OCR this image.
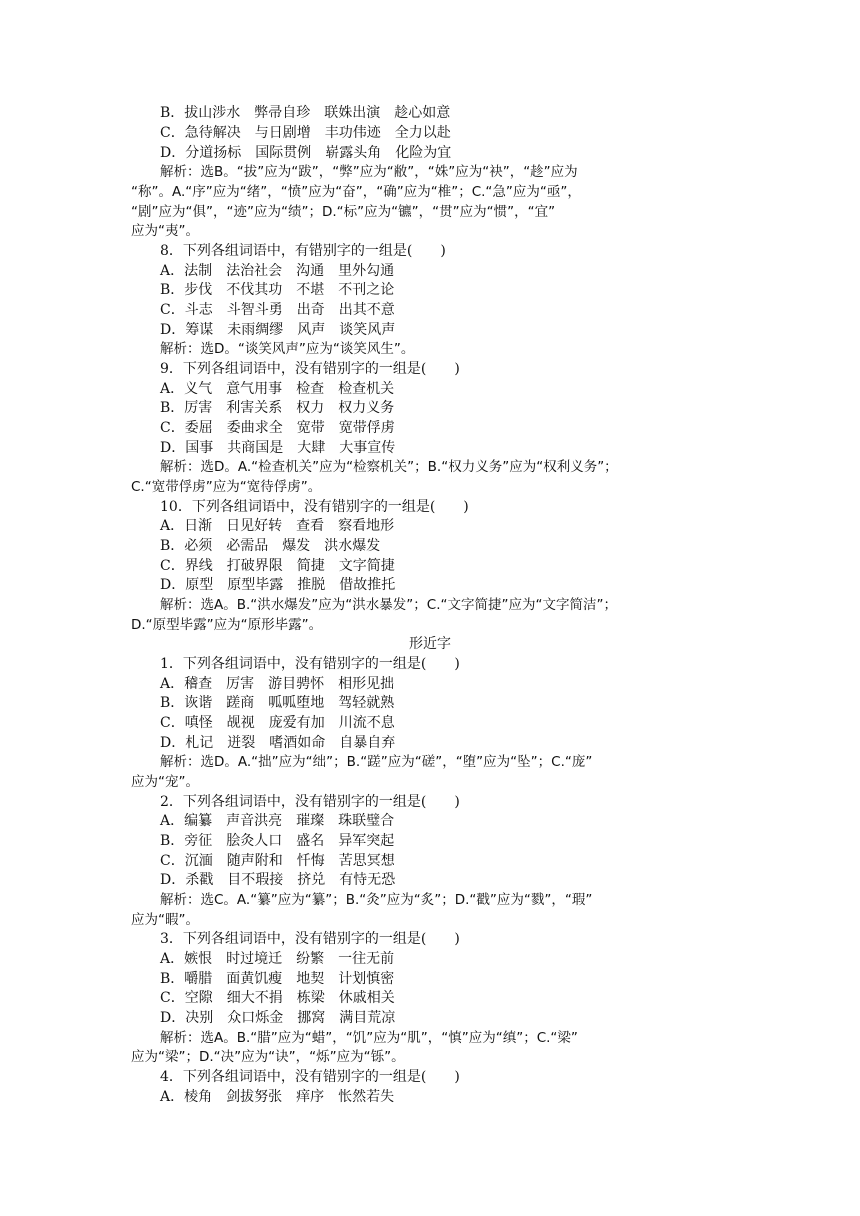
B．拔山涉水　弊帚自珍　联姝出演　趁心如意
C．急待解决　与日剧增　丰功伟迹　全力以赴
D．分道扬标　国际贯例　崭露头角　化险为宜
解析：选B。“拔”应为“跋”，“弊”应为“敝”，“姝”应为“袂”，“趁”应为
“称”。A.“序”应为“绪”，“愤”应为“奋”，“确”应为“椎”；C.“急”应为“亟”，
“剧”应为“俱”，“迹”应为“绩”；D.“标”应为“镳”，“贯”应为“惯”，“宜”
应为“夷”。
8．下列各组词语中，有错别字的一组是(　　)
A．法制　法治社会　沟通　里外勾通
B．步伐　不伐其功　不堪　不刊之论
C．斗志　斗智斗勇　出奇　出其不意
D．筹谋　未雨绸缪　风声　谈笑风声
解析：选D。“谈笑风声”应为“谈笑风生”。
9．下列各组词语中，没有错别字的一组是(　　)
A．义气　意气用事　检查　检查机关
B．厉害　利害关系　权力　权力义务
C．委屈　委曲求全　宽带　宽带俘虏
D．国事　共商国是　大肆　大事宣传
解析：选D。A.“检查机关”应为“检察机关”；B.“权力义务”应为“权利义务”；
C.“宽带俘虏”应为“宽待俘虏”。
10．下列各组词语中，没有错别字的一组是(　　)
A．日渐　日见好转　查看　察看地形
B．必须　必需品　爆发　洪水爆发
C．界线　打破界限　简捷　文字简捷
D．原型　原型毕露　推脱　借故推托
解析：选A。B.“洪水爆发”应为“洪水暴发”；C.“文字简捷”应为“文字简洁”；
D.“原型毕露”应为“原形毕露”。
形近字
1．下列各组词语中，没有错别字的一组是(　　)
A．稽查　厉害　游目骋怀　相形见拙
B．诙谐　蹉商　呱呱堕地　驾轻就熟
C．嗔怪　觇视　庞爱有加　川流不息
D．札记　迸裂　嗜酒如命　自暴自弃
解析：选D。A.“拙”应为“绌”；B.“蹉”应为“磋”，“堕”应为“坠”；C.“庞”
应为“宠”。
2．下列各组词语中，没有错别字的一组是(　　)
A．编纂　声音洪亮　璀璨　珠联璧合
B．旁征　脍灸人口　盛名　异军突起
C．沉湎　随声附和　忏悔　苦思冥想
D．杀戳　目不瑕接　挤兑　有恃无恐
解析：选C。A.“纂”应为“纂”；B.“灸”应为“炙”；D.“戳”应为“戮”，“瑕”
应为“暇”。
3．下列各组词语中，没有错别字的一组是(　　)
A．嫉恨　时过境迁　纷繁　一往无前
B．嚼腊　面黄饥瘦　地契　计划慎密
C．空隙　细大不捐　栋梁　休戚相关
D．决别　众口烁金　挪窝　满目荒凉
解析：选A。B.“腊”应为“蜡”，“饥”应为“肌”，“慎”应为“缜”；C.“梁”
应为“梁”；D.“决”应为“诀”，“烁”应为“铄”。
4．下列各组词语中，没有错别字的一组是(　　)
A．棱角　剑拔努张　痒序　怅然若失
